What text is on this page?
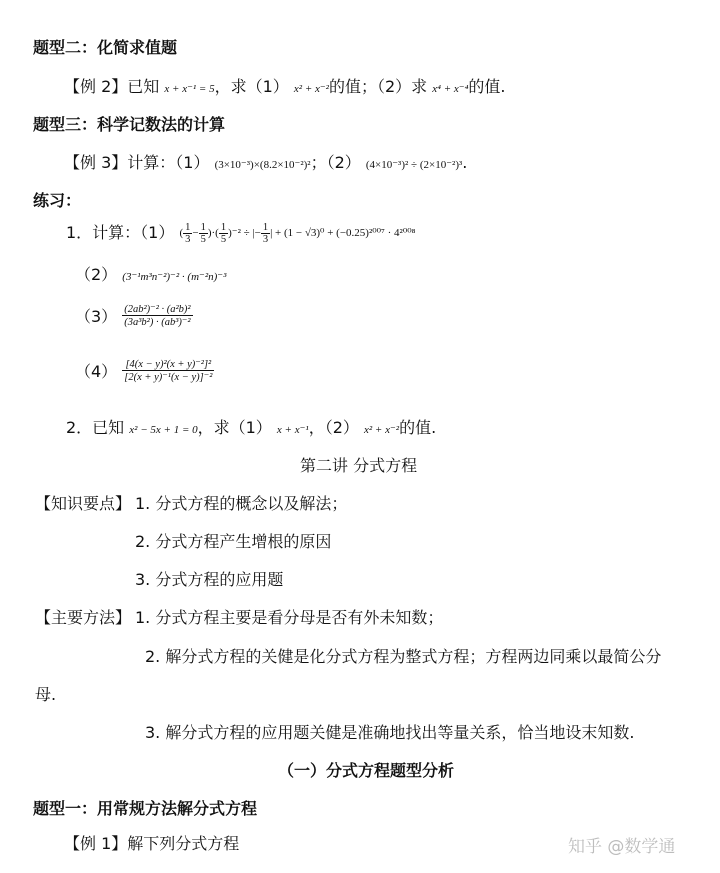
题型二：化简求值题
【例 2】已知 x + x⁻¹ = 5，求（1） x² + x⁻²的值；（2）求 x⁴ + x⁻⁴的值.
题型三：科学记数法的计算
【例 3】计算：（1） (3×10⁻³)×(8.2×10⁻²)²；（2） (4×10⁻³)² ÷ (2×10⁻²)³.
练习：
1．计算：（1） ( $\frac{1}{3} - \frac{1}{5}$ )·( $\frac{1}{5} )^{-2}$ ÷ |− $\frac{1}{3}$ | + (1 − √3)⁰ + (−0.25)²⁰⁰⁷ · 4²⁰⁰⁸
（2） (3⁻¹m³n⁻²)⁻² · (m⁻²n)⁻³
$(3) \frac{\text{(2ab²)⁻² · (a²b)²}}{\text{(3a³b²) · (ab³)⁻²}}$
$(4) \frac{\text{[4(x − y)²(x + y)⁻²]²}}{\text{[2(x + y)⁻¹(x − y)]⁻²}}$
2．已知 x² − 5x + 1 = 0，求（1） x + x⁻¹，（2） x² + x⁻²的值.
第二讲 分式方程
【知识要点】 1. 分式方程的概念以及解法；
2. 分式方程产生增根的原因
3. 分式方程的应用题
【主要方法】 1. 分式方程主要是看分母是否有外未知数；
2. 解分式方程的关健是化分式方程为整式方程；方程两边同乘以最简公分
母.
3. 解分式方程的应用题关健是准确地找出等量关系，恰当地设末知数.
（一）分式方程题型分析
题型一：用常规方法解分式方程
【例 1】解下列分式方程	知乎 @数学通
